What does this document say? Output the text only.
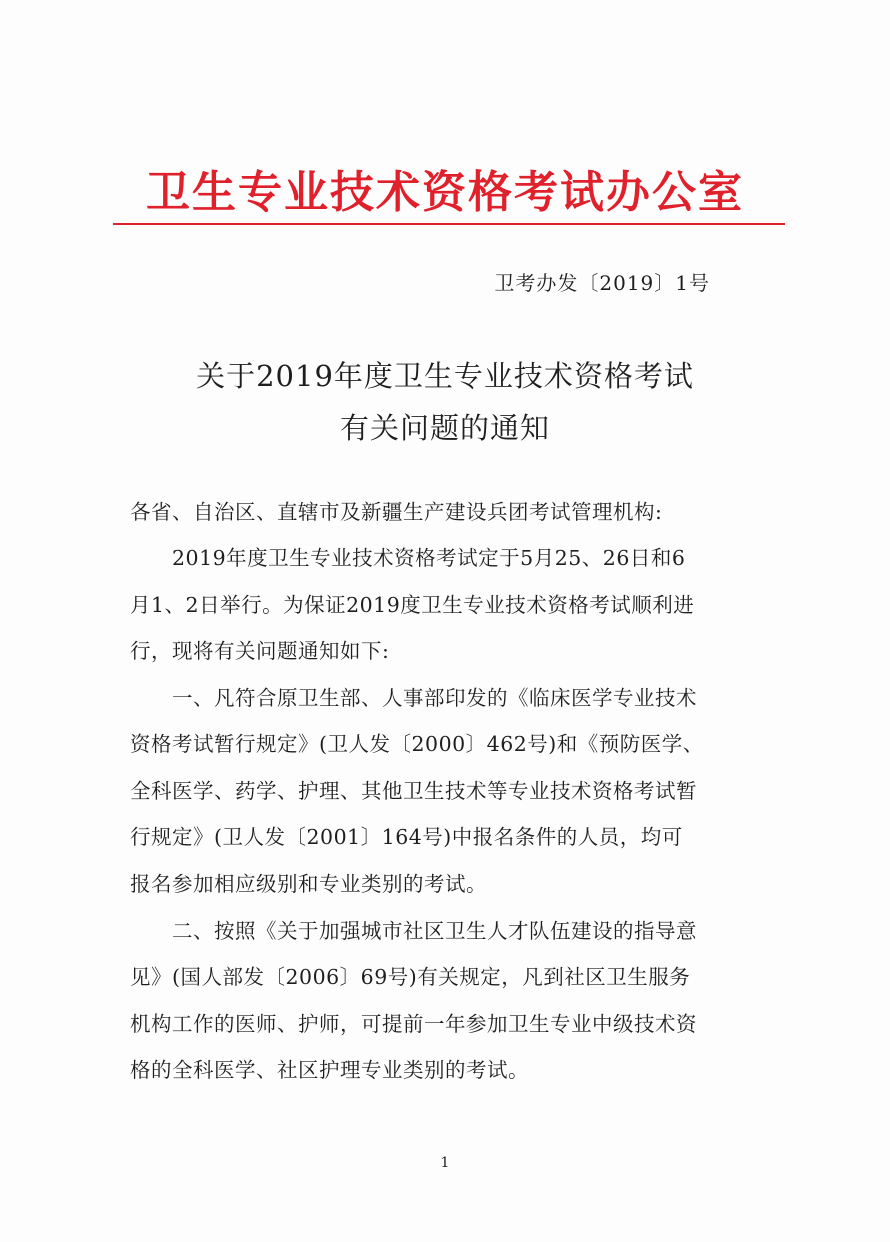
卫生专业技术资格考试办公室
卫考办发〔2019〕1号
关于2019年度卫生专业技术资格考试
有关问题的通知
各省、自治区、直辖市及新疆生产建设兵团考试管理机构:
2019年度卫生专业技术资格考试定于5月25、26日和6
月1、2日举行。为保证2019度卫生专业技术资格考试顺利进
行，现将有关问题通知如下:
一、凡符合原卫生部、人事部印发的《临床医学专业技术
资格考试暂行规定》(卫人发〔2000〕462号)和《预防医学、
全科医学、药学、护理、其他卫生技术等专业技术资格考试暂
行规定》(卫人发〔2001〕164号)中报名条件的人员，均可
报名参加相应级别和专业类别的考试。
二、按照《关于加强城市社区卫生人才队伍建设的指导意
见》(国人部发〔2006〕69号)有关规定，凡到社区卫生服务
机构工作的医师、护师，可提前一年参加卫生专业中级技术资
格的全科医学、社区护理专业类别的考试。
1
